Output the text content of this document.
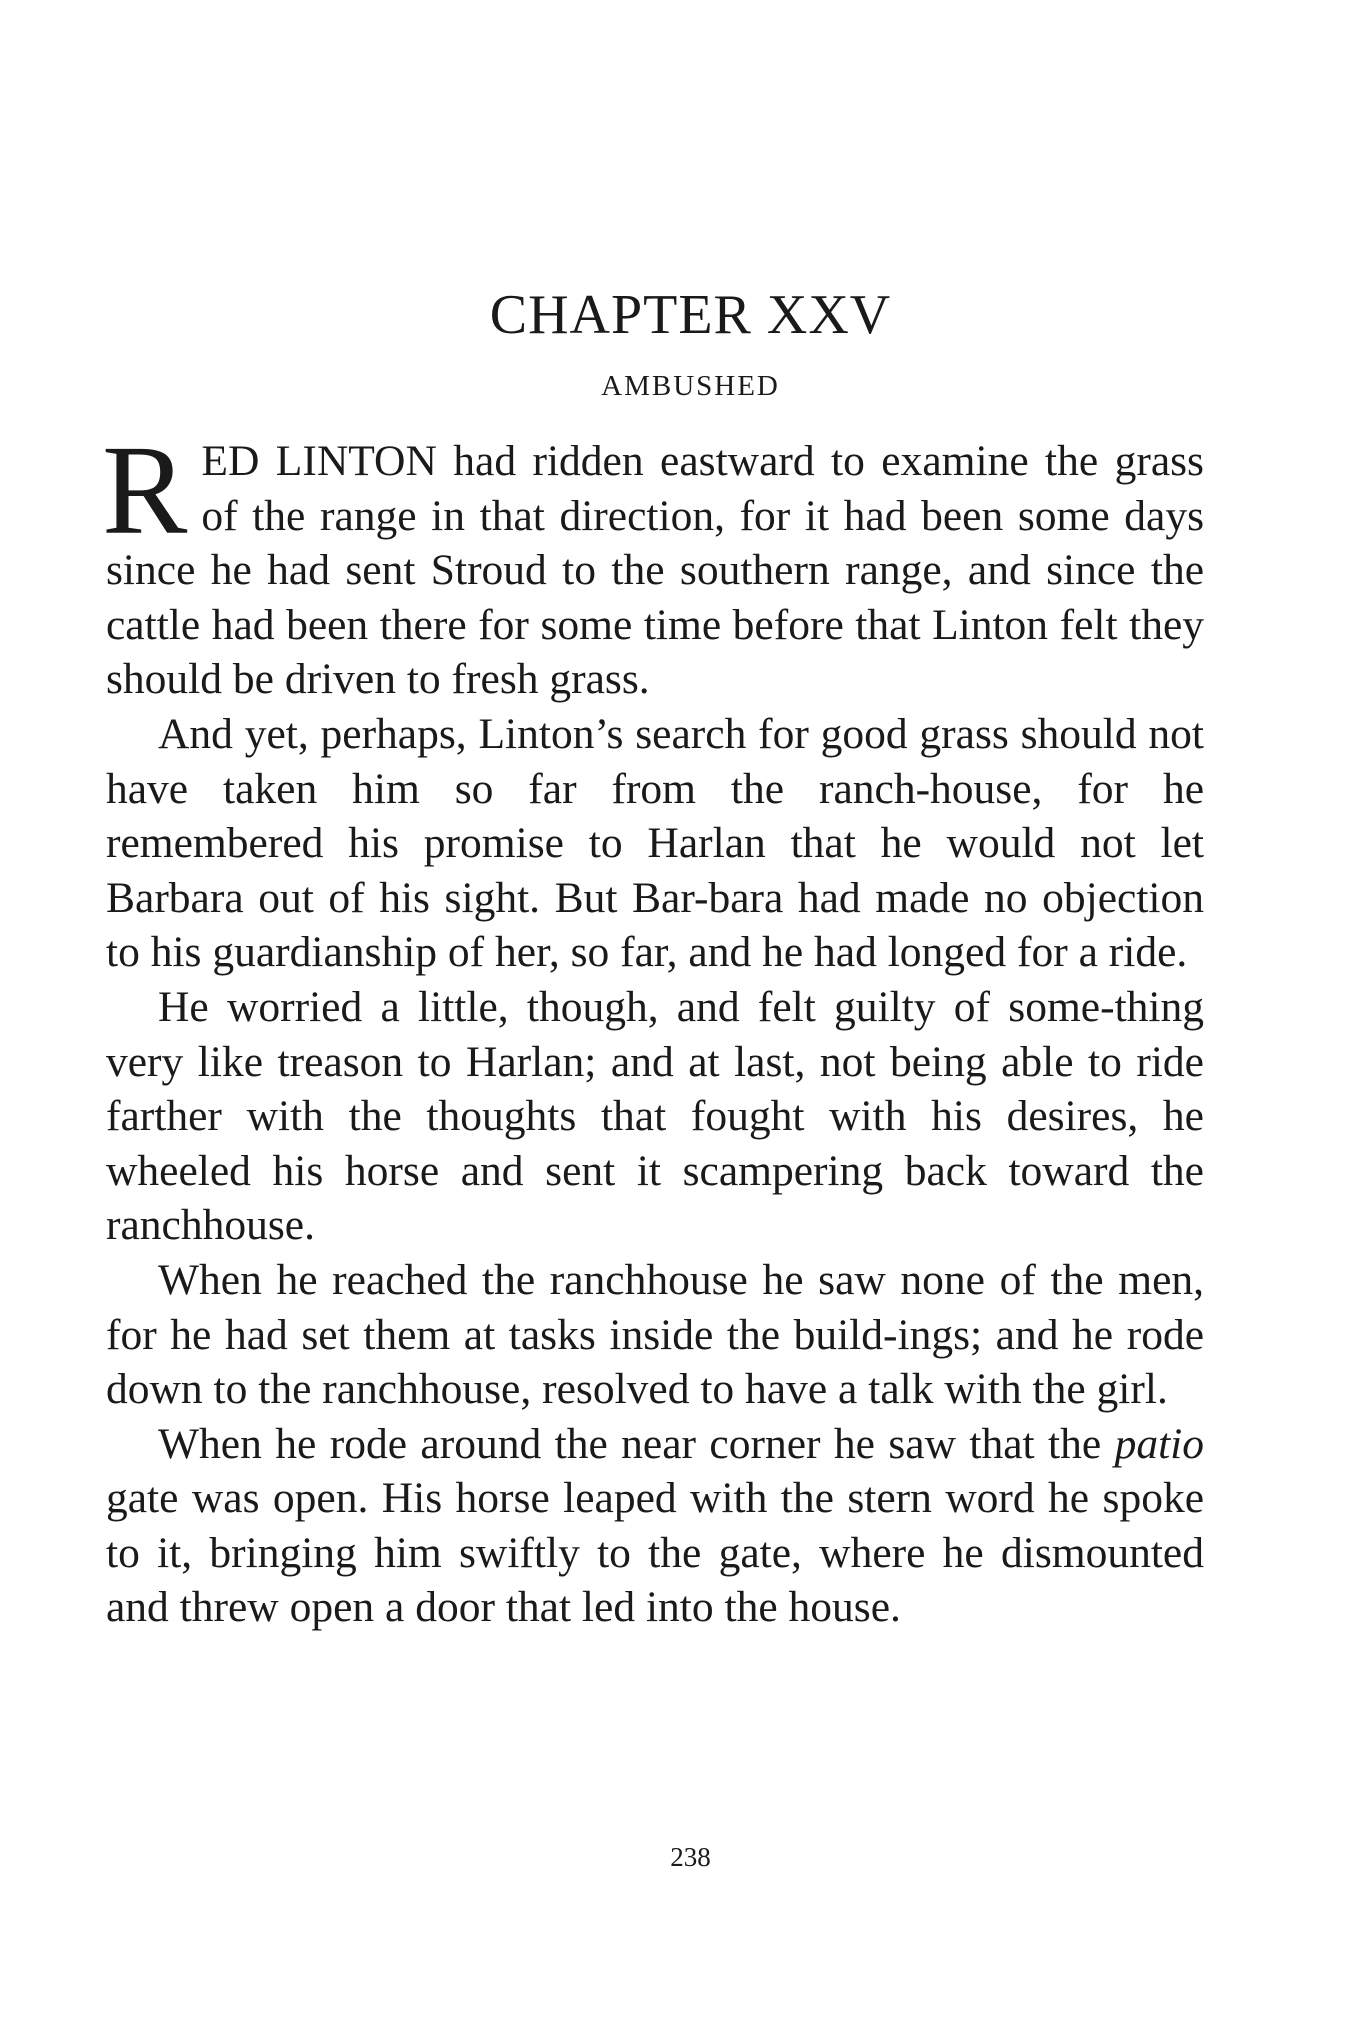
CHAPTER XXV
AMBUSHED

RED LINTON had ridden eastward to examine the grass of the range in that direction, for it had been some days since he had sent Stroud to the southern range, and since the cattle had been there for some time before that Linton felt they should be driven to fresh grass.

And yet, perhaps, Linton’s search for good grass should not have taken him so far from the ranch-house, for he remembered his promise to Harlan that he would not let Barbara out of his sight. But Bar-bara had made no objection to his guardianship of her, so far, and he had longed for a ride.

He worried a little, though, and felt guilty of some-thing very like treason to Harlan; and at last, not being able to ride farther with the thoughts that fought with his desires, he wheeled his horse and sent it scampering back toward the ranchhouse.

When he reached the ranchhouse he saw none of the men, for he had set them at tasks inside the build-ings; and he rode down to the ranchhouse, resolved to have a talk with the girl.

When he rode around the near corner he saw that the patio gate was open. His horse leaped with the stern word he spoke to it, bringing him swiftly to the gate, where he dismounted and threw open a door that led into the house.

238
